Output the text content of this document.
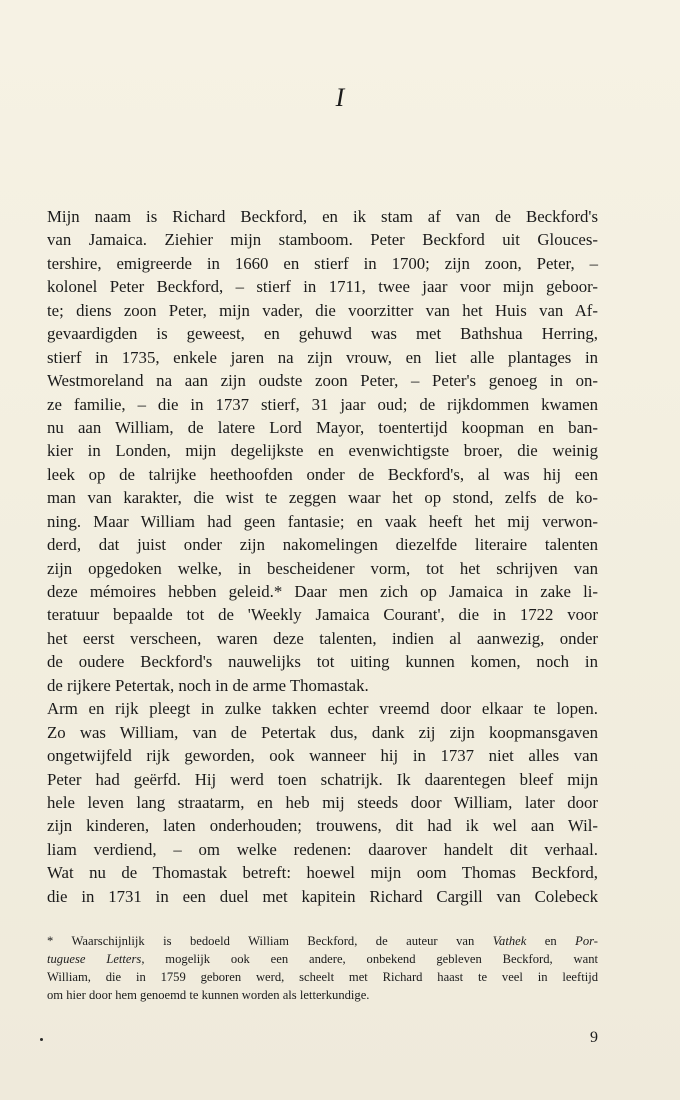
I
Mijn naam is Richard Beckford, en ik stam af van de Beckford's
van Jamaica. Ziehier mijn stamboom. Peter Beckford uit Glouces-
tershire, emigreerde in 1660 en stierf in 1700; zijn zoon, Peter, –
kolonel Peter Beckford, – stierf in 1711, twee jaar voor mijn geboor-
te; diens zoon Peter, mijn vader, die voorzitter van het Huis van Af-
gevaardigden is geweest, en gehuwd was met Bathshua Herring,
stierf in 1735, enkele jaren na zijn vrouw, en liet alle plantages in
Westmoreland na aan zijn oudste zoon Peter, – Peter's genoeg in on-
ze familie, – die in 1737 stierf, 31 jaar oud; de rijkdommen kwamen
nu aan William, de latere Lord Mayor, toentertijd koopman en ban-
kier in Londen, mijn degelijkste en evenwichtigste broer, die weinig
leek op de talrijke heethoofden onder de Beckford's, al was hij een
man van karakter, die wist te zeggen waar het op stond, zelfs de ko-
ning. Maar William had geen fantasie; en vaak heeft het mij verwon-
derd, dat juist onder zijn nakomelingen diezelfde literaire talenten
zijn opgedoken welke, in bescheidener vorm, tot het schrijven van
deze mémoires hebben geleid.* Daar men zich op Jamaica in zake li-
teratuur bepaalde tot de 'Weekly Jamaica Courant', die in 1722 voor
het eerst verscheen, waren deze talenten, indien al aanwezig, onder
de oudere Beckford's nauwelijks tot uiting kunnen komen, noch in
de rijkere Petertak, noch in de arme Thomastak.
Arm en rijk pleegt in zulke takken echter vreemd door elkaar te lopen.
Zo was William, van de Petertak dus, dank zij zijn koopmansgaven
ongetwijfeld rijk geworden, ook wanneer hij in 1737 niet alles van
Peter had geërfd. Hij werd toen schatrijk. Ik daarentegen bleef mijn
hele leven lang straatarm, en heb mij steeds door William, later door
zijn kinderen, laten onderhouden; trouwens, dit had ik wel aan Wil-
liam verdiend, – om welke redenen: daarover handelt dit verhaal.
Wat nu de Thomastak betreft: hoewel mijn oom Thomas Beckford,
die in 1731 in een duel met kapitein Richard Cargill van Colebeck
* Waarschijnlijk is bedoeld William Beckford, de auteur van Vathek en Por-
tuguese Letters, mogelijk ook een andere, onbekend gebleven Beckford, want
William, die in 1759 geboren werd, scheelt met Richard haast te veel in leeftijd
om hier door hem genoemd te kunnen worden als letterkundige.
9
